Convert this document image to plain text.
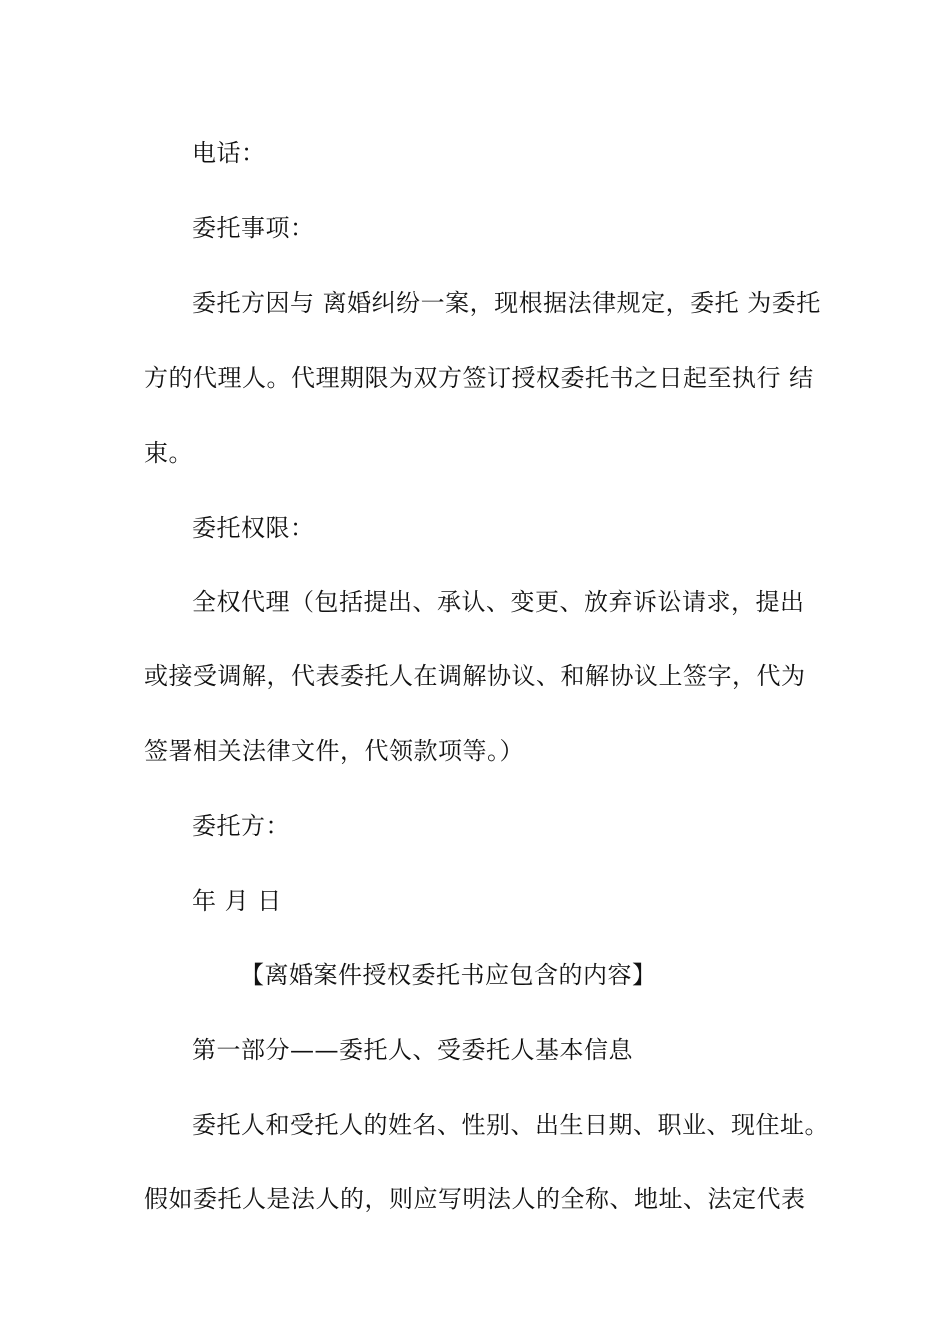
电话：
委托事项：
委托方因与 离婚纠纷一案，现根据法律规定，委托 为委托
方的代理人。代理期限为双方签订授权委托书之日起至执行 结
束。
委托权限：
全权代理（包括提出、承认、变更、放弃诉讼请求，提出
或接受调解，代表委托人在调解协议、和解协议上签字，代为
签署相关法律文件，代领款项等。）
委托方：
年 月 日
【离婚案件授权委托书应包含的内容】
第一部分——委托人、受委托人基本信息
委托人和受托人的姓名、性别、出生日期、职业、现住址。
假如委托人是法人的，则应写明法人的全称、地址、法定代表
